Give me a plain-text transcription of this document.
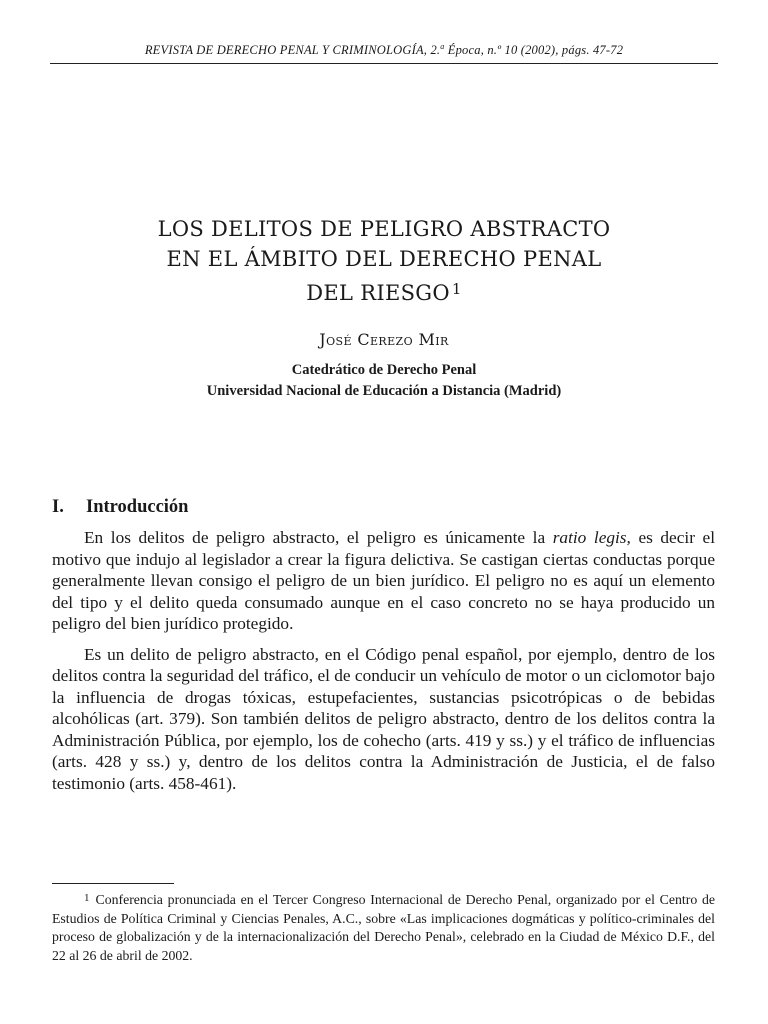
REVISTA DE DERECHO PENAL Y CRIMINOLOGÍA, 2.$^a$ Época, n.º 10 (2002), págs. 47-72
LOS DELITOS DE PELIGRO ABSTRACTO
EN EL ÁMBITO DEL DERECHO PENAL
DEL RIESGO $^1$
José Cerezo Mir
Catedrático de Derecho Penal
Universidad Nacional de Educación a Distancia (Madrid)
I. Introducción

En los delitos de peligro abstracto, el peligro es únicamente la ratio legis, es decir el motivo que indujo al legislador a crear la figura delictiva. Se castigan ciertas conductas porque generalmente llevan consigo el peligro de un bien jurídico. El peligro no es aquí un elemento del tipo y el delito queda consumado aunque en el caso concreto no se haya producido un peligro del bien jurídico protegido.

Es un delito de peligro abstracto, en el Código penal español, por ejemplo, dentro de los delitos contra la seguridad del tráfico, el de conducir un vehículo de motor o un ciclomotor bajo la influencia de drogas tóxicas, estupefacientes, sustancias psicotrópicas o de bebidas alcohólicas (art. 379). Son también delitos de peligro abstracto, dentro de los delitos contra la Administración Pública, por ejemplo, los de cohecho (arts. 419 y ss.) y el tráfico de influencias (arts. 428 y ss.) y, dentro de los delitos contra la Administración de Justicia, el de falso testimonio (arts. 458-461).

$^1$ Conferencia pronunciada en el Tercer Congreso Internacional de Derecho Penal, organizado por el Centro de Estudios de Política Criminal y Ciencias Penales, A.C., sobre «Las implicaciones dogmáticas y político-criminales del proceso de globalización y de la internacionalización del Derecho Penal», celebrado en la Ciudad de México D.F., del 22 al 26 de abril de 2002.
